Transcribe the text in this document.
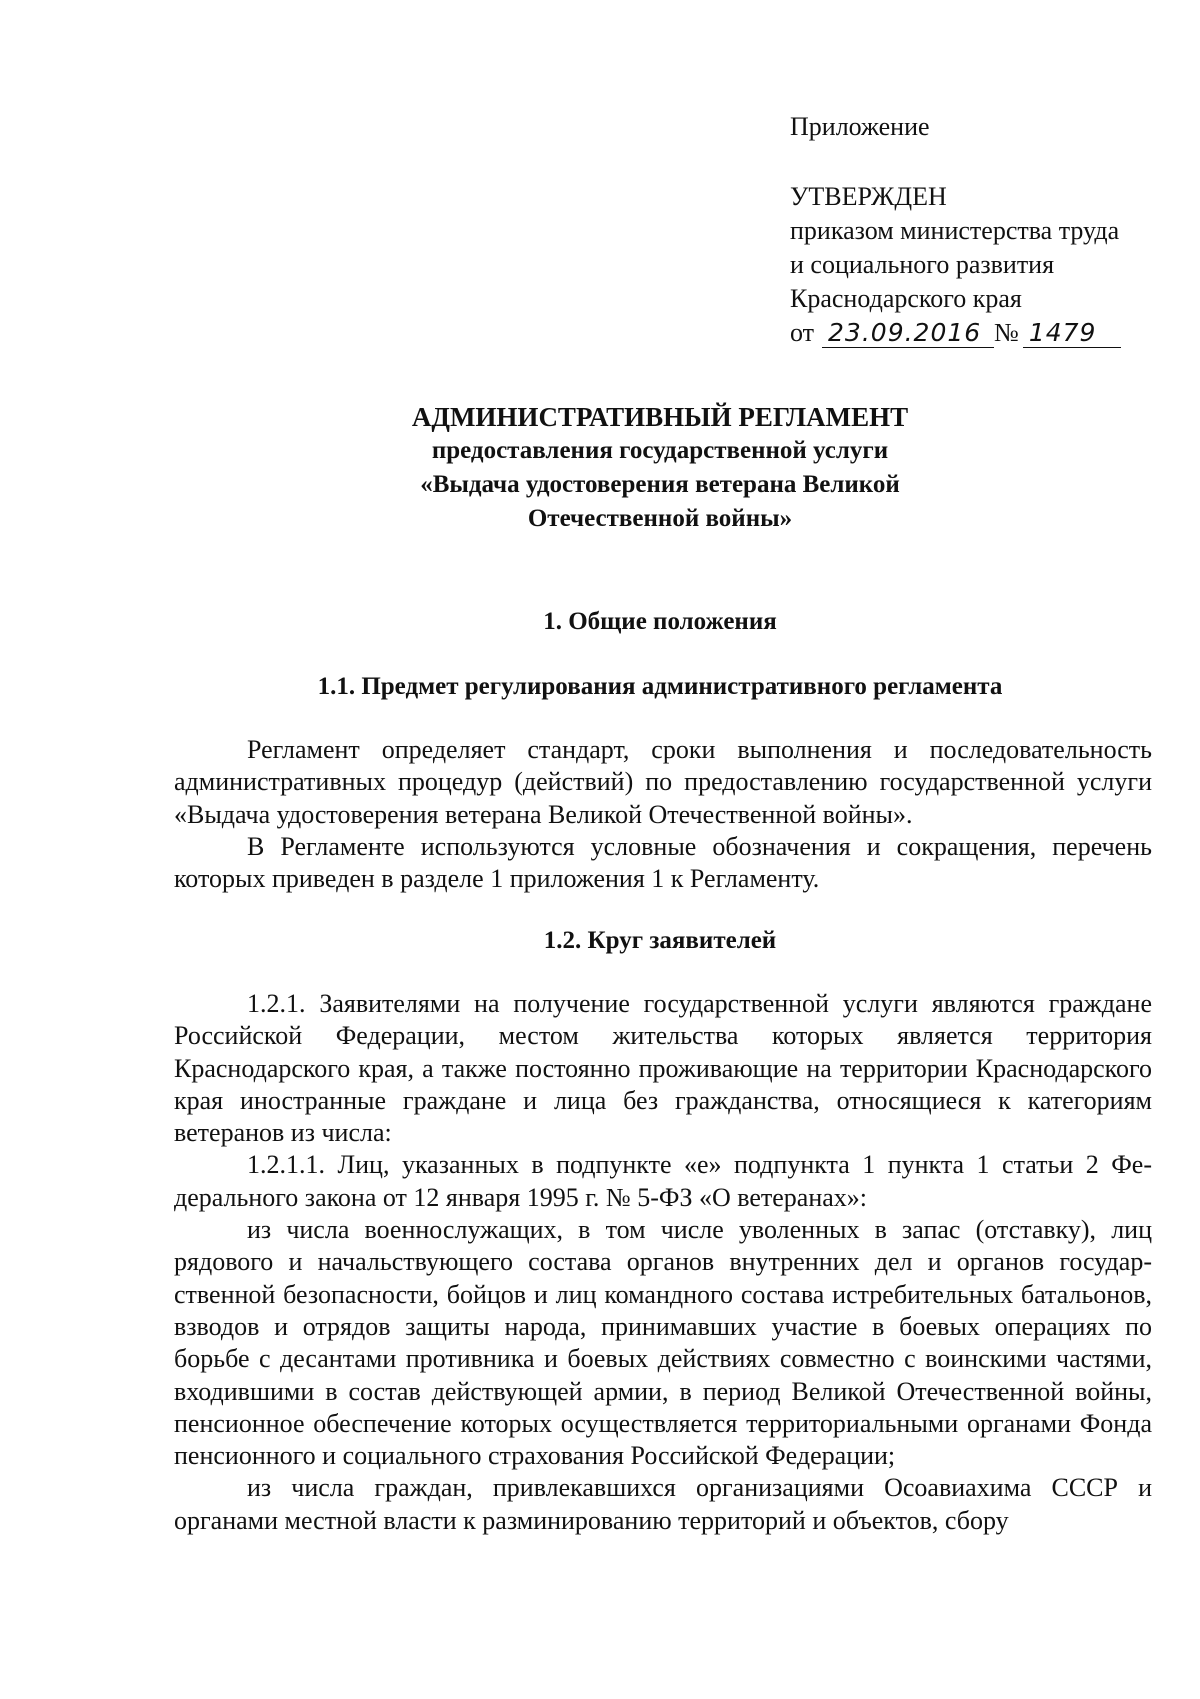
Приложение

УТВЕРЖДЕН

приказом министерства труда

и социального развития

Краснодарского края

от 23.09.2016 № 1479

АДМИНИСТРАТИВНЫЙ РЕГЛАМЕНТ

предоставления государственной услуги

«Выдача удостоверения ветерана Великой

Отечественной войны»

1. Общие положения

1.1. Предмет регулирования административного регламента

Регламент определяет стандарт, сроки выполнения и последовательность административных процедур (действий) по предоставлению государственной услуги «Выдача удостоверения ветерана Великой Отечественной войны».

В Регламенте используются условные обозначения и сокращения, перечень которых приведен в разделе 1 приложения 1 к Регламенту.

1.2. Круг заявителей

1.2.1. Заявителями на получение государственной услуги являются граждане Российской Федерации, местом жительства которых является территория Краснодарского края, а также постоянно проживающие на территории Краснодарского края иностранные граждане и лица без гражданства, относящиеся к категориям ветеранов из числа:

1.2.1.1. Лиц, указанных в подпункте «е» подпункта 1 пункта 1 статьи 2 Федерального закона от 12 января 1995 г. № 5-ФЗ «О ветеранах»:

из числа военнослужащих, в том числе уволенных в запас (отставку), лиц рядового и начальствующего состава органов внутренних дел и органов государственной безопасности, бойцов и лиц командного состава истребительных батальонов, взводов и отрядов защиты народа, принимавших участие в боевых операциях по борьбе с десантами противника и боевых действиях совместно с воинскими частями, входившими в состав действующей армии, в период Великой Отечественной войны, пенсионное обеспечение которых осуществляется территориальными органами Фонда пенсионного и социального страхования Российской Федерации;

из числа граждан, привлекавшихся организациями Осоавиахима СССР и органами местной власти к разминированию территорий и объектов, сбору
